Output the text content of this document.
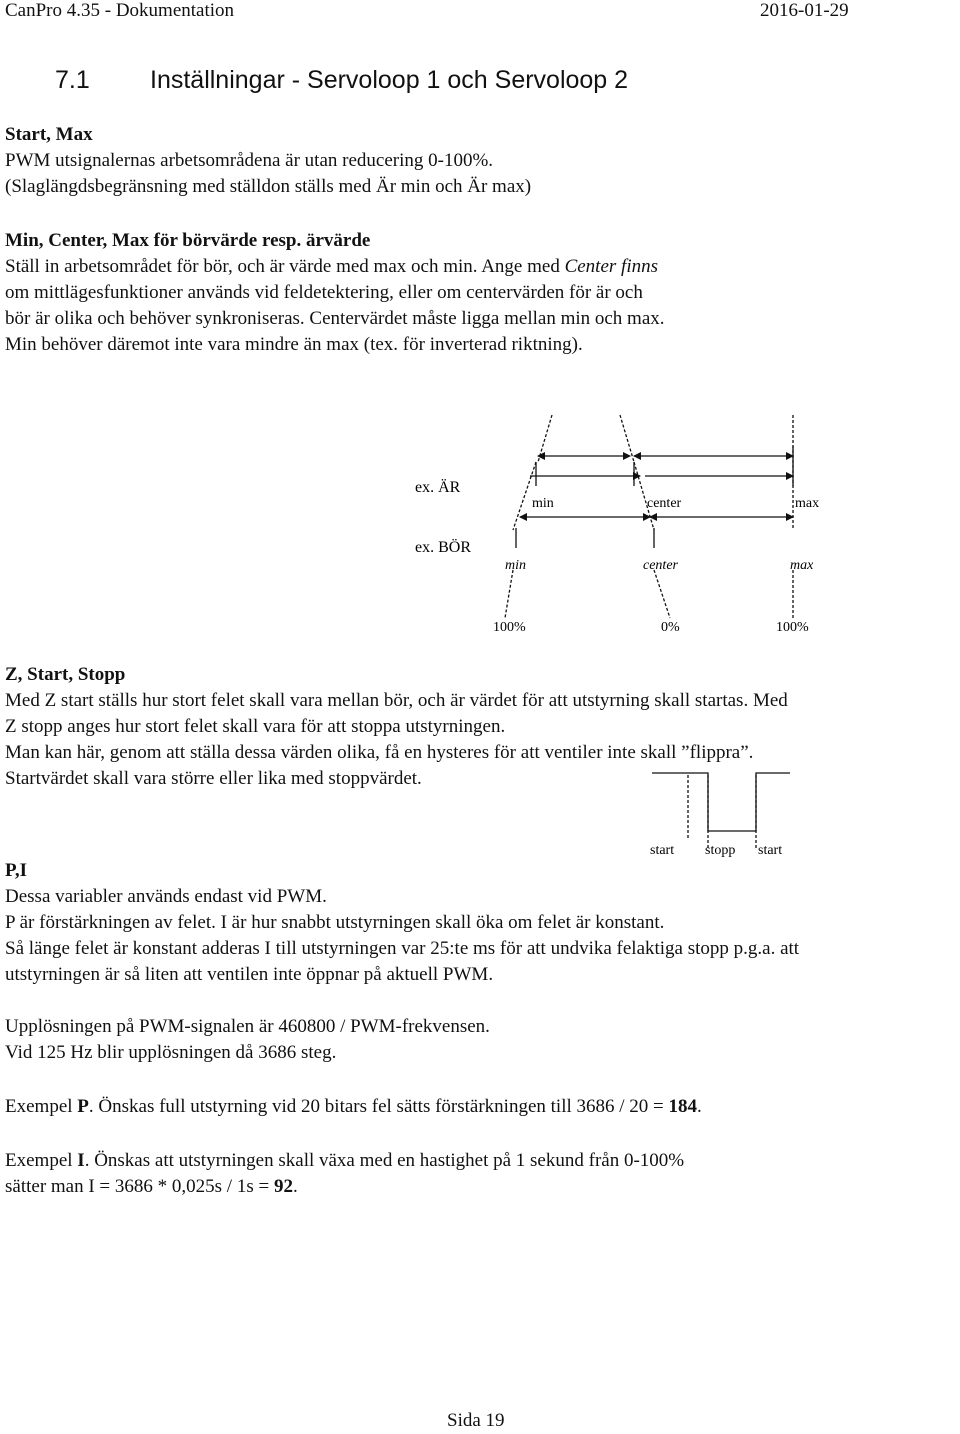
CanPro 4.35 - Dokumentation	2016-01-29
7.1 Inställningar - Servoloop 1 och Servoloop 2
Start, Max
PWM utsignalernas arbetsområdena är utan reducering 0-100%.
(Slaglängdsbegränsning med ställdon ställs med Är min och Är max)
Min, Center, Max för börvärde resp. ärvärde
Ställ in arbetsområdet för bör, och är värde med max och min. Ange med Center finns
om mittlägesfunktioner används vid feldetektering, eller om centervärden för är och
bör är olika och behöver synkroniseras. Centervärdet måste ligga mellan min och max.
Min behöver däremot inte vara mindre än max (tex. för inverterad riktning).
ex. ÄR
ex. BÖR
min	center	max
min	center	max
100%	0%	100%
Z, Start, Stopp
Med Z start ställs hur stort felet skall vara mellan bör, och är värdet för att utstyrning skall startas. Med
Z stopp anges hur stort felet skall vara för att stoppa utstyrningen.
Man kan här, genom att ställa dessa värden olika, få en hysteres för att ventiler inte skall ”flippra”.
Startvärdet skall vara större eller lika med stoppvärdet.
start stopp start
P,I
Dessa variabler används endast vid PWM.
P är förstärkningen av felet. I är hur snabbt utstyrningen skall öka om felet är konstant.
Så länge felet är konstant adderas I till utstyrningen var 25:te ms för att undvika felaktiga stopp p.g.a. att
utstyrningen är så liten att ventilen inte öppnar på aktuell PWM.
Upplösningen på PWM-signalen är 460800 / PWM-frekvensen.
Vid 125 Hz blir upplösningen då 3686 steg.
Exempel P. Önskas full utstyrning vid 20 bitars fel sätts förstärkningen till 3686 / 20 = 184.
Exempel I. Önskas att utstyrningen skall växa med en hastighet på 1 sekund från 0-100%
sätter man I = 3686 * 0,025s / 1s = 92.
Sida 19
